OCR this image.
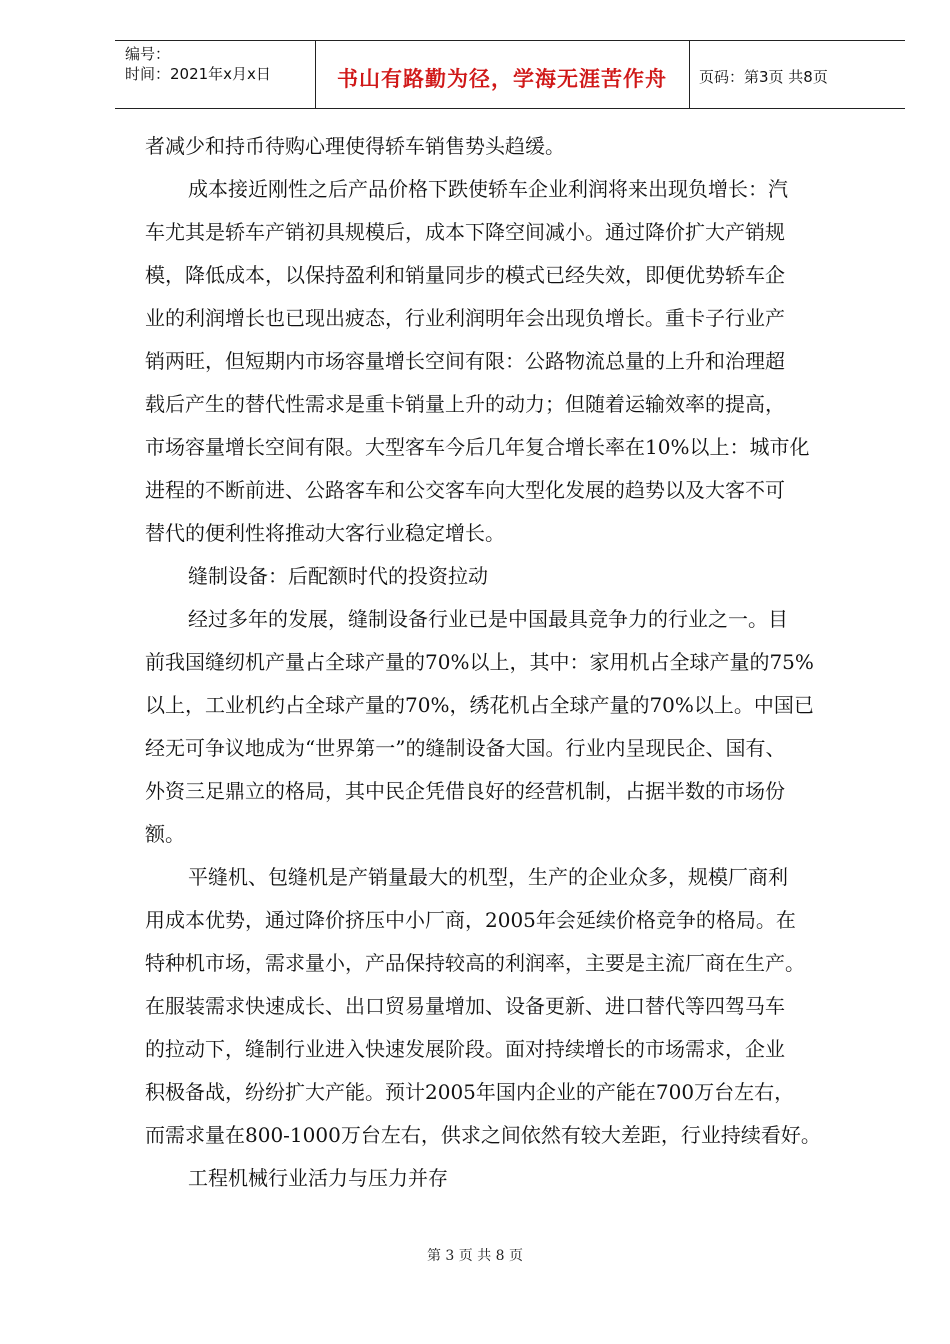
编号：
时间：2021年x月x日	书山有路勤为径，学海无涯苦作舟	页码：第3页 共8页
者减少和持币待购心理使得轿车销售势头趋缓。
成本接近刚性之后产品价格下跌使轿车企业利润将来出现负增长：汽
车尤其是轿车产销初具规模后，成本下降空间减小。通过降价扩大产销规
模，降低成本，以保持盈利和销量同步的模式已经失效，即便优势轿车企
业的利润增长也已现出疲态，行业利润明年会出现负增长。重卡子行业产
销两旺，但短期内市场容量增长空间有限：公路物流总量的上升和治理超
载后产生的替代性需求是重卡销量上升的动力；但随着运输效率的提高，
市场容量增长空间有限。大型客车今后几年复合增长率在10%以上：城市化
进程的不断前进、公路客车和公交客车向大型化发展的趋势以及大客不可
替代的便利性将推动大客行业稳定增长。
缝制设备：后配额时代的投资拉动
经过多年的发展，缝制设备行业已是中国最具竞争力的行业之一。目
前我国缝纫机产量占全球产量的70%以上，其中：家用机占全球产量的75%
以上，工业机约占全球产量的70%，绣花机占全球产量的70%以上。中国已
经无可争议地成为“世界第一”的缝制设备大国。行业内呈现民企、国有、
外资三足鼎立的格局，其中民企凭借良好的经营机制，占据半数的市场份
额。
平缝机、包缝机是产销量最大的机型，生产的企业众多，规模厂商利
用成本优势，通过降价挤压中小厂商，2005年会延续价格竞争的格局。在
特种机市场，需求量小，产品保持较高的利润率，主要是主流厂商在生产。
在服装需求快速成长、出口贸易量增加、设备更新、进口替代等四驾马车
的拉动下，缝制行业进入快速发展阶段。面对持续增长的市场需求，企业
积极备战，纷纷扩大产能。预计2005年国内企业的产能在700万台左右，
而需求量在800-1000万台左右，供求之间依然有较大差距，行业持续看好。
工程机械行业活力与压力并存
第 3 页 共 8 页
